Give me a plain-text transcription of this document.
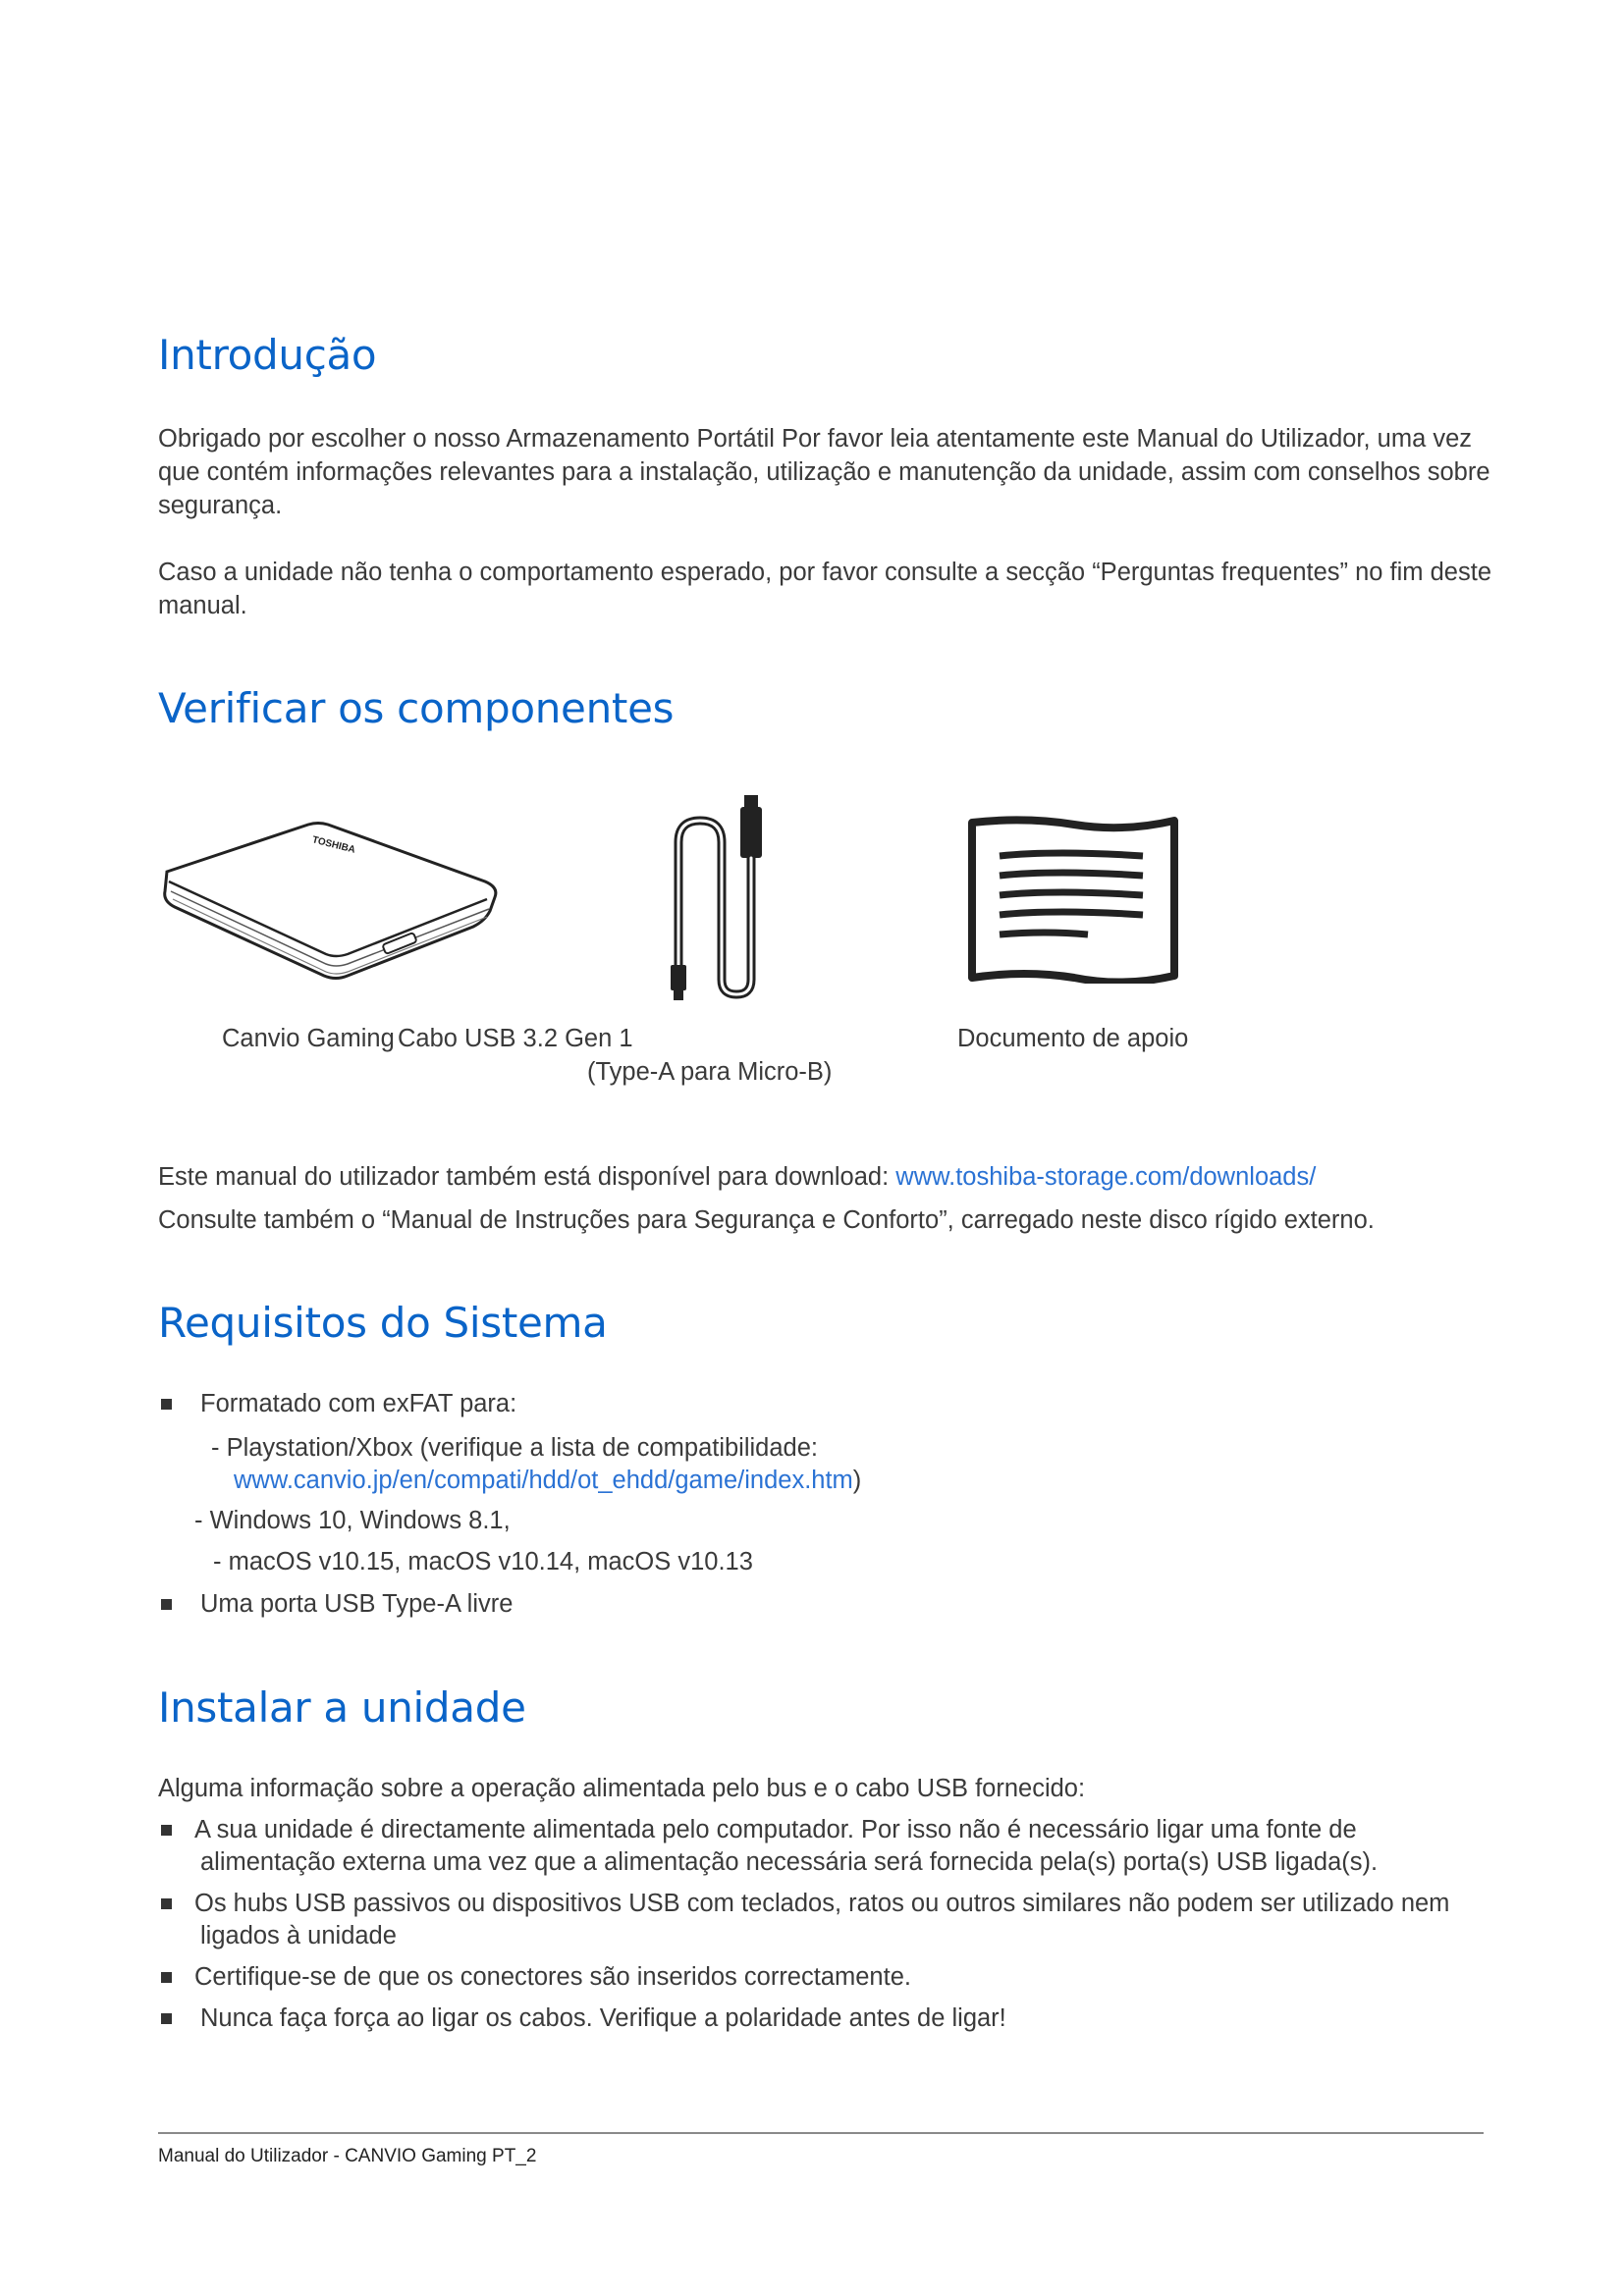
Introdução

Obrigado por escolher o nosso Armazenamento Portátil Por favor leia atentamente este Manual do Utilizador, uma vez que contém informações relevantes para a instalação, utilização e manutenção da unidade, assim com conselhos sobre segurança.

Caso a unidade não tenha o comportamento esperado, por favor consulte a secção “Perguntas frequentes” no fim deste manual.

Verificar os componentes
TOSHIBA
Canvio Gaming Cabo USB 3.2 Gen 1
(Type-A para Micro-B)
Documento de apoio

Este manual do utilizador também está disponível para download: www.toshiba-storage.com/downloads/

Consulte também o “Manual de Instruções para Segurança e Conforto”, carregado neste disco rígido externo.

Requisitos do Sistema
Formatado com exFAT para:
- Playstation/Xbox (verifique a lista de compatibilidade:
www.canvio.jp/en/compati/hdd/ot_ehdd/game/index.htm)
- Windows 10, Windows 8.1,
- macOS v10.15, macOS v10.14, macOS v10.13
Uma porta USB Type-A livre
Instalar a unidade
Alguma informação sobre a operação alimentada pelo bus e o cabo USB fornecido:
A sua unidade é directamente alimentada pelo computador. Por isso não é necessário ligar uma fonte de
alimentação externa uma vez que a alimentação necessária será fornecida pela(s) porta(s) USB ligada(s).
Os hubs USB passivos ou dispositivos USB com teclados, ratos ou outros similares não podem ser utilizado nem
ligados à unidade
Certifique-se de que os conectores são inseridos correctamente.
Nunca faça força ao ligar os cabos. Verifique a polaridade antes de ligar!
Manual do Utilizador - CANVIO Gaming PT_2
